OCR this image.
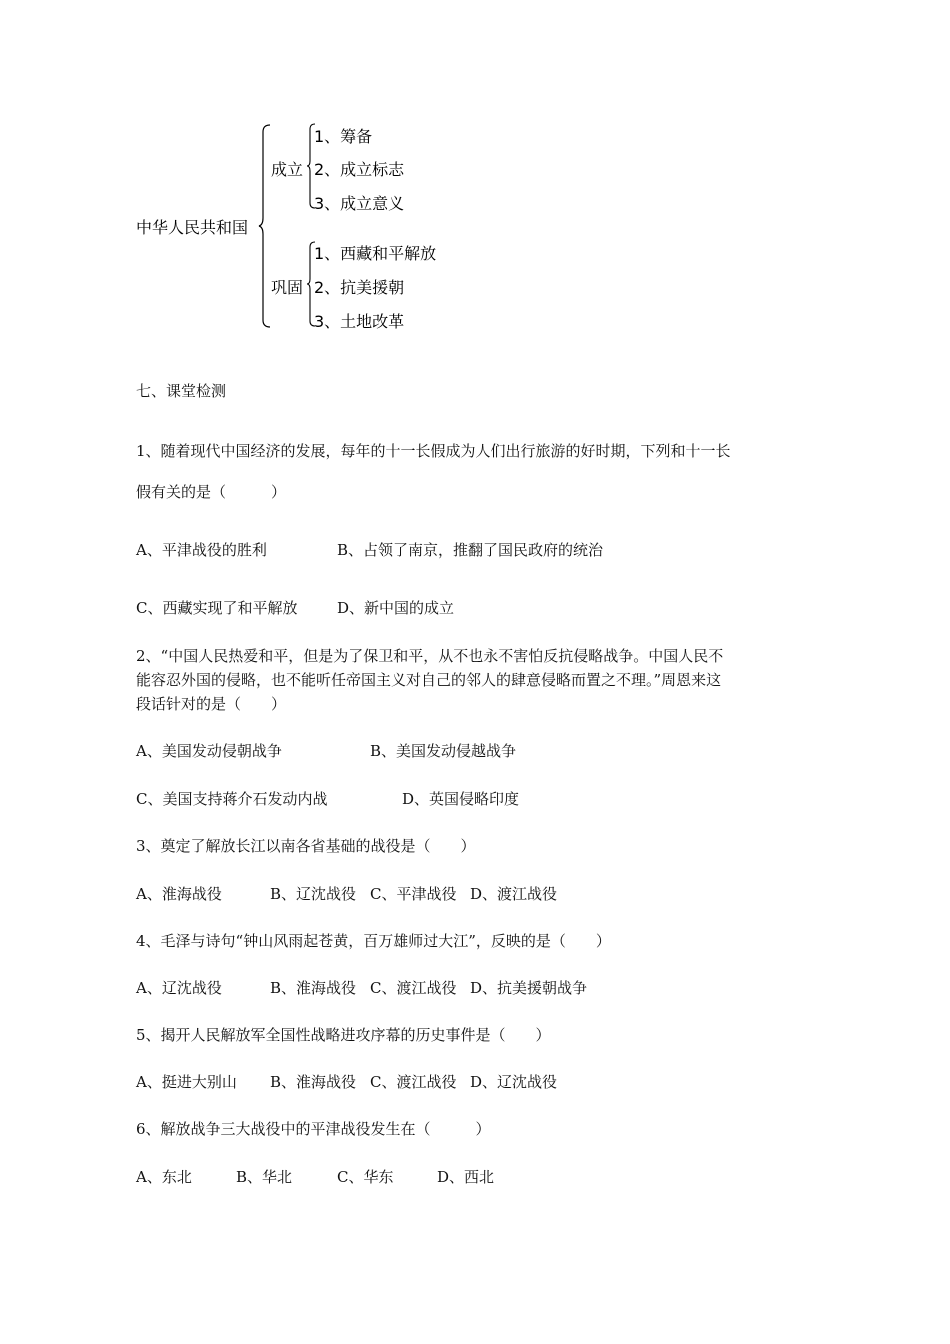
中华人民共和国
成立
1、筹备
2、成立标志
3、成立意义
巩固
1、西藏和平解放
2、抗美援朝
3、土地改革
七、课堂检测
1、随着现代中国经济的发展，每年的十一长假成为人们出行旅游的好时期，下列和十一长
假有关的是（　　　）
A、平津战役的胜利	B、占领了南京，推翻了国民政府的统治
C、西藏实现了和平解放	D、新中国的成立
2、“中国人民热爱和平，但是为了保卫和平，从不也永不害怕反抗侵略战争。中国人民不
能容忍外国的侵略，也不能听任帝国主义对自己的邻人的肆意侵略而置之不理。”周恩来这
段话针对的是（　　）
A、美国发动侵朝战争	B、美国发动侵越战争
C、美国支持蒋介石发动内战	D、英国侵略印度
3、奠定了解放长江以南各省基础的战役是（　　）
A、淮海战役	B、辽沈战役 C、平津战役 D、渡江战役
4、毛泽与诗句“钟山风雨起苍黄，百万雄师过大江”，反映的是（　　）
A、辽沈战役	B、淮海战役 C、渡江战役 D、抗美援朝战争
5、揭开人民解放军全国性战略进攻序幕的历史事件是（　　）
A、挺进大别山 B、淮海战役 C、渡江战役 D、辽沈战役
6、解放战争三大战役中的平津战役发生在（　　　）
A、东北	B、华北	C、华东	D、西北
